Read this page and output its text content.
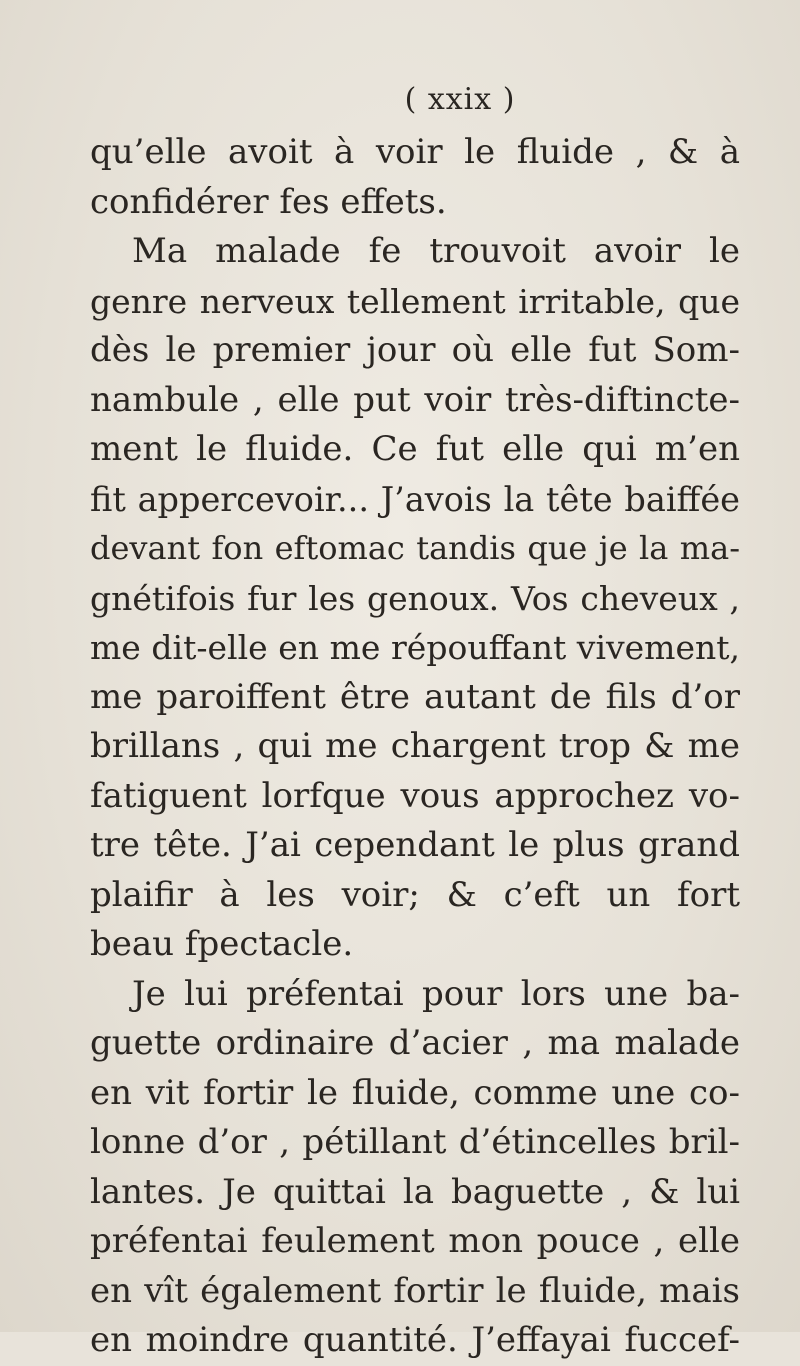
( xxix )
qu’elle avoit à voir le fluide , & à
confidérer fes effets.
Ma malade fe trouvoit avoir le
genre nerveux tellement irritable, que
dès le premier jour où elle fut Som-
nambule , elle put voir très-diftincte-
ment le fluide. Ce fut elle qui m’en
fit appercevoir... J’avois la tête baiffée
devant fon eftomac tandis que je la ma-
gnétifois fur les genoux. Vos cheveux ,
me dit-elle en me répouffant vivement,
me paroiffent être autant de fils d’or
brillans , qui me chargent trop & me
fatiguent lorfque vous approchez vo-
tre tête. J’ai cependant le plus grand
plaifir à les voir; & c’eft un fort
beau fpectacle.
Je lui préfentai pour lors une ba-
guette ordinaire d’acier , ma malade
en vit fortir le fluide, comme une co-
lonne d’or , pétillant d’étincelles bril-
lantes. Je quittai la baguette , & lui
préfentai feulement mon pouce , elle
en vît également fortir le fluide, mais
en moindre quantité. J’effayai fuccef-
